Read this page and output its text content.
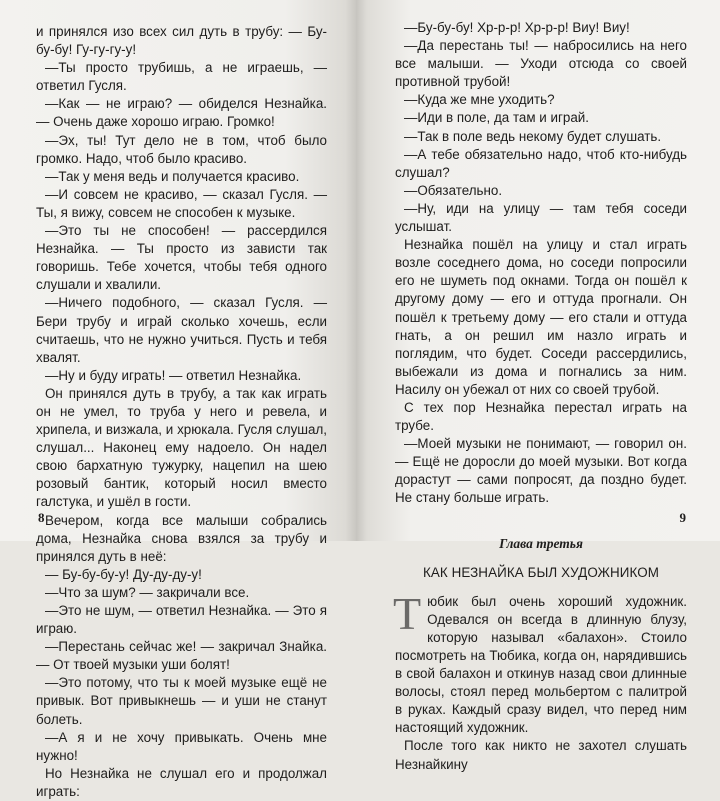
и принялся изо всех сил дуть в трубу: — Бу-бу-бу! Гу-гу-гу-у!

—Ты просто трубишь, а не играешь, — ответил Гусля.

—Как — не играю? — обиделся Незнайка. — Очень даже хорошо играю. Громко!

—Эх, ты! Тут дело не в том, чтоб было громко. Надо, чтоб было красиво.

—Так у меня ведь и получается красиво.

—И совсем не красиво, — сказал Гусля. — Ты, я вижу, совсем не способен к музыке.

—Это ты не способен! — рассердился Незнайка. — Ты просто из зависти так говоришь. Тебе хочется, чтобы тебя одного слушали и хвалили.

—Ничего подобного, — сказал Гусля. — Бери трубу и играй сколько хочешь, если считаешь, что не нужно учиться. Пусть и тебя хвалят.

—Ну и буду играть! — ответил Незнайка.

Он принялся дуть в трубу, а так как играть он не умел, то труба у него и ревела, и хрипела, и визжала, и хрюкала. Гусля слушал, слушал... Наконец ему надоело. Он надел свою бархатную тужурку, нацепил на шею розовый бантик, который носил вместо галстука, и ушёл в гости.

Вечером, когда все малыши собрались дома, Незнайка снова взялся за трубу и принялся дуть в неё:

— Бу-бу-бу-у! Ду-ду-ду-у!

—Что за шум? — закричали все.

—Это не шум, — ответил Незнайка. — Это я играю.

—Перестань сейчас же! — закричал Знайка. — От твоей музыки уши болят!

—Это потому, что ты к моей музыке ещё не привык. Вот привыкнешь — и уши не станут болеть.

—А я и не хочу привыкать. Очень мне нужно!

Но Незнайка не слушал его и продолжал играть:

8

—Бу-бу-бу! Хр-р-р! Хр-р-р! Виу! Виу!

—Да перестань ты! — набросились на него все малыши. — Уходи отсюда со своей противной трубой!

—Куда же мне уходить?

—Иди в поле, да там и играй.

—Так в поле ведь некому будет слушать.

—А тебе обязательно надо, чтоб кто-нибудь слушал?

—Обязательно.

—Ну, иди на улицу — там тебя соседи услышат.

Незнайка пошёл на улицу и стал играть возле соседнего дома, но соседи попросили его не шуметь под окнами. Тогда он пошёл к другому дому — его и оттуда прогнали. Он пошёл к третьему дому — его стали и оттуда гнать, а он решил им назло играть и поглядим, что будет. Соседи рассердились, выбежали из дома и погнались за ним. Насилу он убежал от них со своей трубой.

С тех пор Незнайка перестал играть на трубе.

—Моей музыки не понимают, — говорил он. — Ещё не доросли до моей музыки. Вот когда дорастут — сами попросят, да поздно будет. Не стану больше играть.

Глава третья
КАК НЕЗНАЙКА БЫЛ ХУДОЖНИКОМ

Тюбик был очень хороший художник. Одевался он всегда в длинную блузу, которую называл «балахон». Стоило посмотреть на Тюбика, когда он, нарядившись в свой балахон и откинув назад свои длинные волосы, стоял перед мольбертом с палитрой в руках. Каждый сразу видел, что перед ним настоящий художник.

После того как никто не захотел слушать Незнайкину

9
